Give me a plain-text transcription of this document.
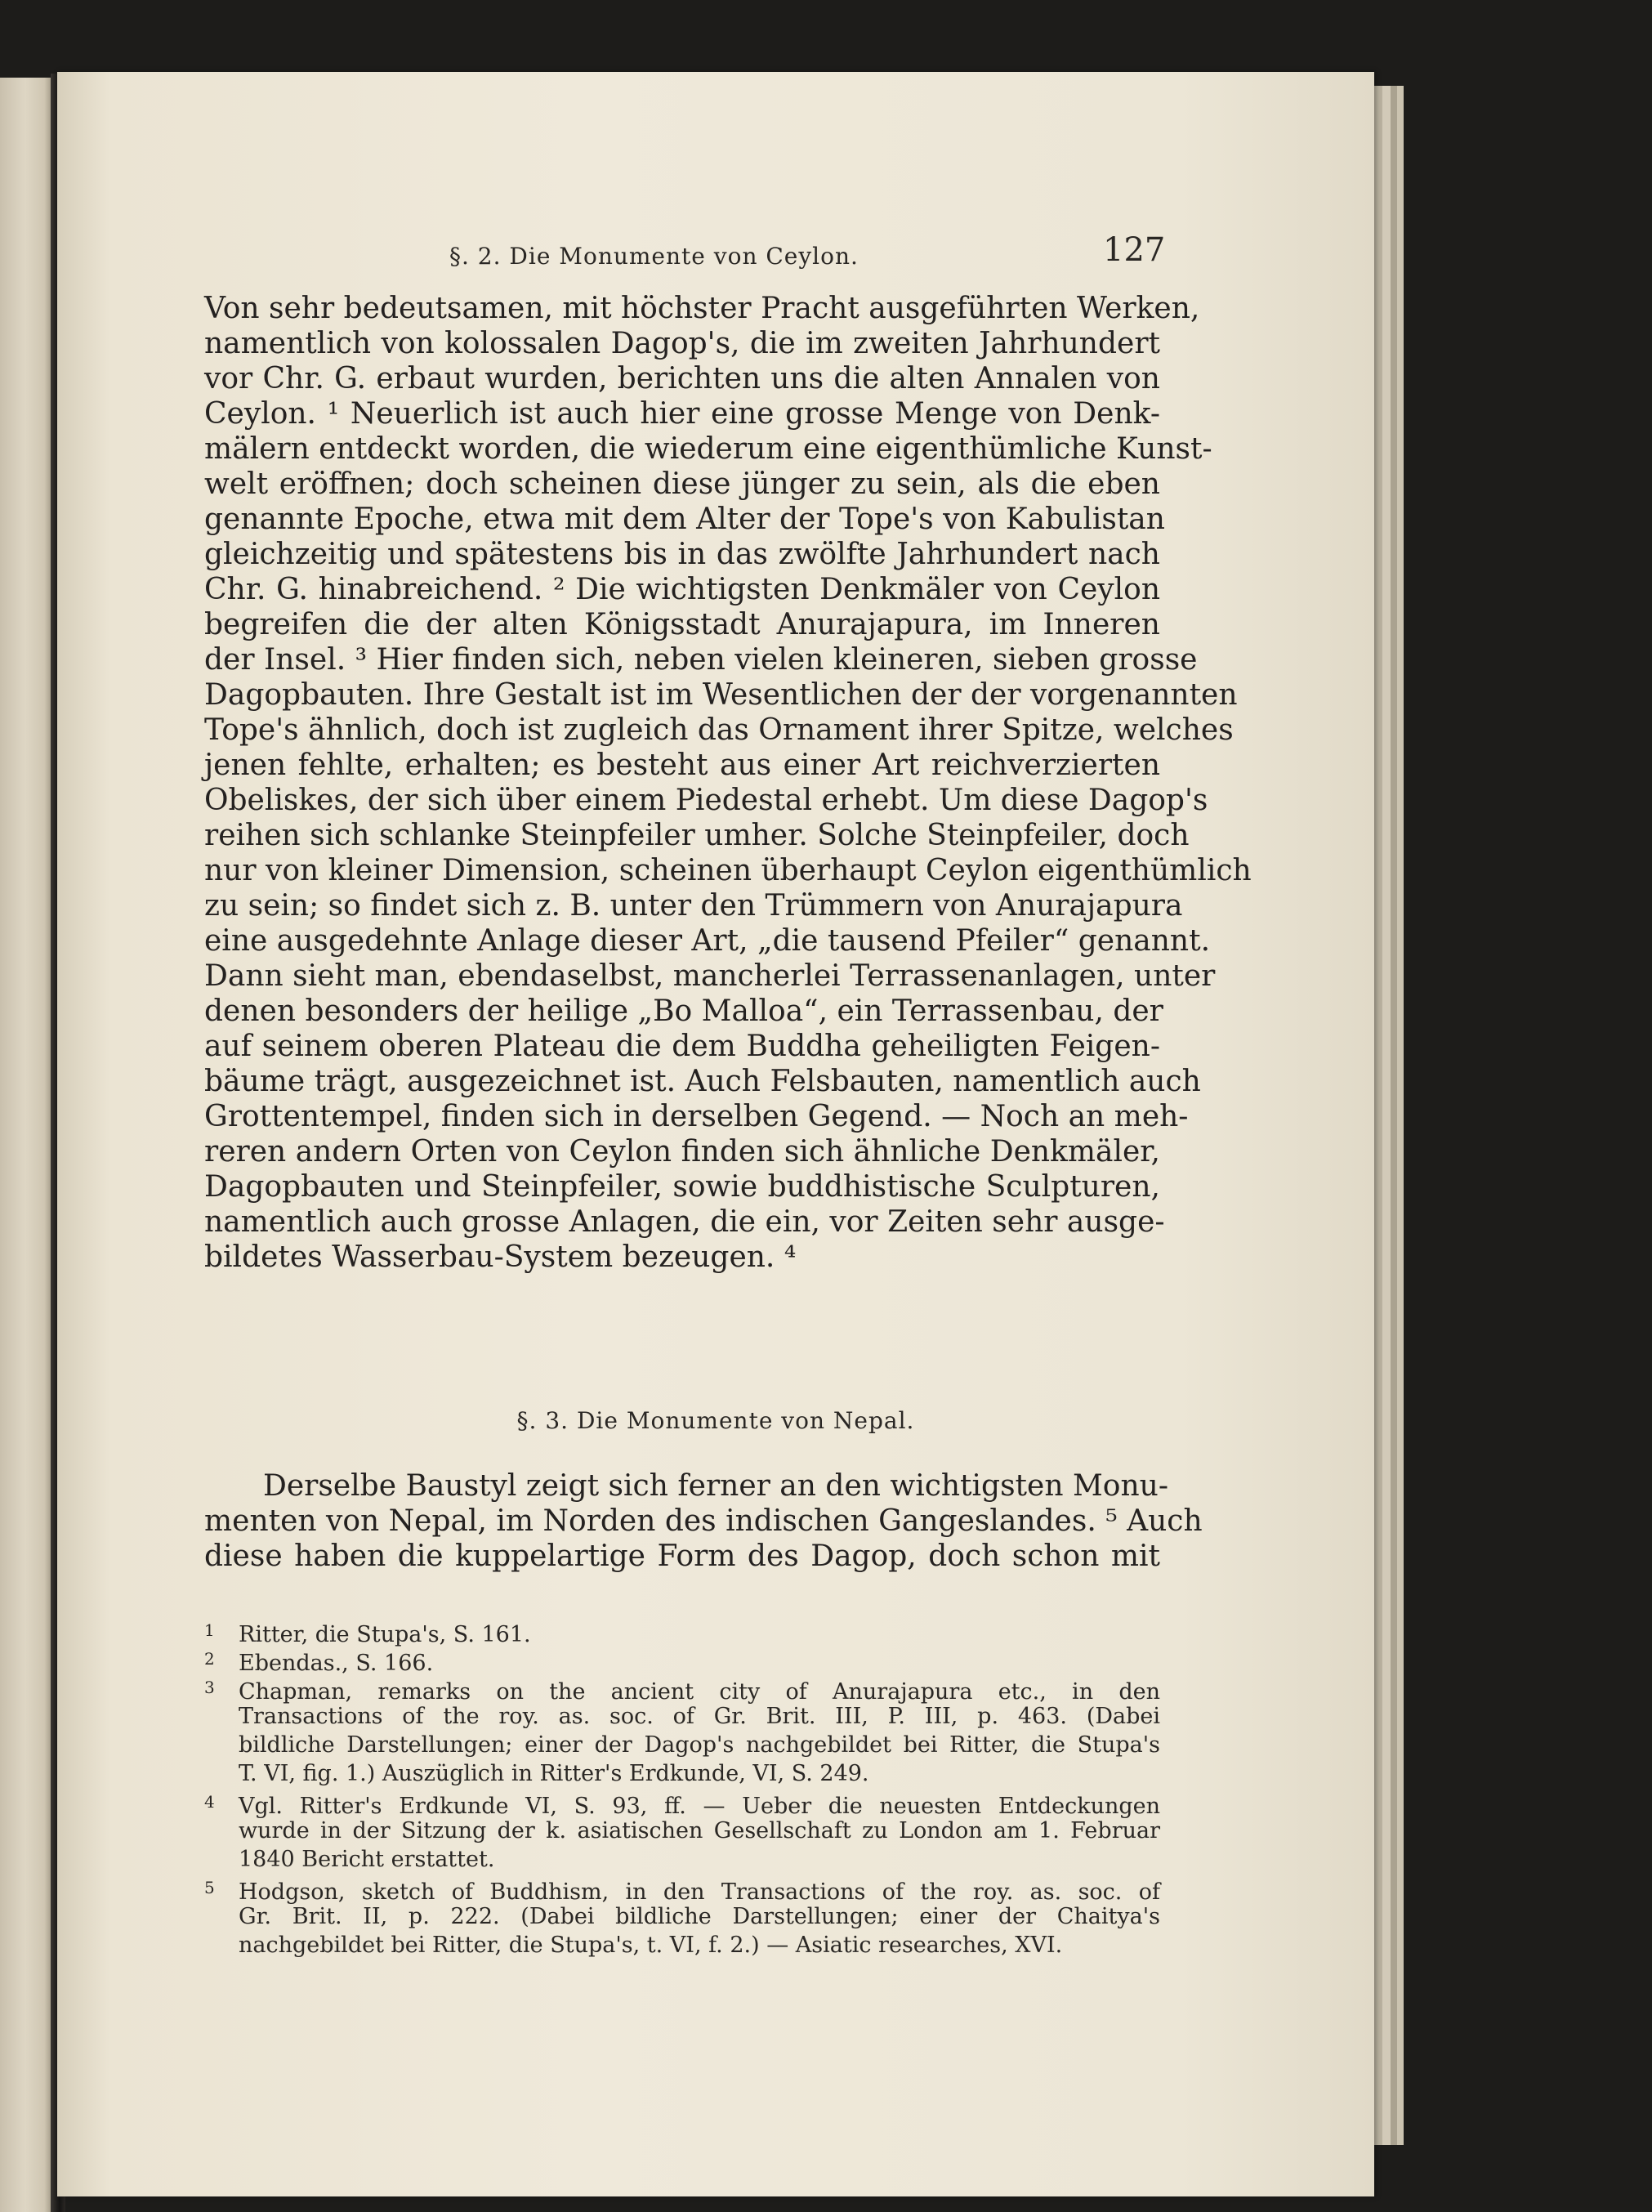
§. 2. Die Monumente von Ceylon.	127
Von sehr bedeutsamen, mit höchster Pracht ausgeführten Werken,
namentlich von kolossalen Dagop's, die im zweiten Jahrhundert
vor Chr. G. erbaut wurden, berichten uns die alten Annalen von
Ceylon. ¹ Neuerlich ist auch hier eine grosse Menge von Denk-
mälern entdeckt worden, die wiederum eine eigenthümliche Kunst-
welt eröffnen; doch scheinen diese jünger zu sein, als die eben
genannte Epoche, etwa mit dem Alter der Tope's von Kabulistan
gleichzeitig und spätestens bis in das zwölfte Jahrhundert nach
Chr. G. hinabreichend. ² Die wichtigsten Denkmäler von Ceylon
begreifen die der alten Königsstadt Anurajapura, im Inneren
der Insel. ³ Hier finden sich, neben vielen kleineren, sieben grosse
Dagopbauten. Ihre Gestalt ist im Wesentlichen der der vorgenannten
Tope's ähnlich, doch ist zugleich das Ornament ihrer Spitze, welches
jenen fehlte, erhalten; es besteht aus einer Art reichverzierten
Obeliskes, der sich über einem Piedestal erhebt. Um diese Dagop's
reihen sich schlanke Steinpfeiler umher. Solche Steinpfeiler, doch
nur von kleiner Dimension, scheinen überhaupt Ceylon eigenthümlich
zu sein; so findet sich z. B. unter den Trümmern von Anurajapura
eine ausgedehnte Anlage dieser Art, „die tausend Pfeiler“ genannt.
Dann sieht man, ebendaselbst, mancherlei Terrassenanlagen, unter
denen besonders der heilige „Bo Malloa“, ein Terrassenbau, der
auf seinem oberen Plateau die dem Buddha geheiligten Feigen-
bäume trägt, ausgezeichnet ist. Auch Felsbauten, namentlich auch
Grottentempel, finden sich in derselben Gegend. — Noch an meh-
reren andern Orten von Ceylon finden sich ähnliche Denkmäler,
Dagopbauten und Steinpfeiler, sowie buddhistische Sculpturen,
namentlich auch grosse Anlagen, die ein, vor Zeiten sehr ausge-
bildetes Wasserbau-System bezeugen. ⁴
§. 3. Die Monumente von Nepal.
Derselbe Baustyl zeigt sich ferner an den wichtigsten Monu-
menten von Nepal, im Norden des indischen Gangeslandes. ⁵ Auch
diese haben die kuppelartige Form des Dagop, doch schon mit
1 Ritter, die Stupa's, S. 161.
2 Ebendas., S. 166.
3 Chapman, remarks on the ancient city of Anurajapura etc., in den
Transactions of the roy. as. soc. of Gr. Brit. III, P. III, p. 463. (Dabei
bildliche Darstellungen; einer der Dagop's nachgebildet bei Ritter, die Stupa's
T. VI, fig. 1.) Auszüglich in Ritter's Erdkunde, VI, S. 249.
4 Vgl. Ritter's Erdkunde VI, S. 93, ff. — Ueber die neuesten Entdeckungen
wurde in der Sitzung der k. asiatischen Gesellschaft zu London am 1. Februar
1840 Bericht erstattet.
5 Hodgson, sketch of Buddhism, in den Transactions of the roy. as. soc. of
Gr. Brit. II, p. 222. (Dabei bildliche Darstellungen; einer der Chaitya's
nachgebildet bei Ritter, die Stupa's, t. VI, f. 2.) — Asiatic researches, XVI.
